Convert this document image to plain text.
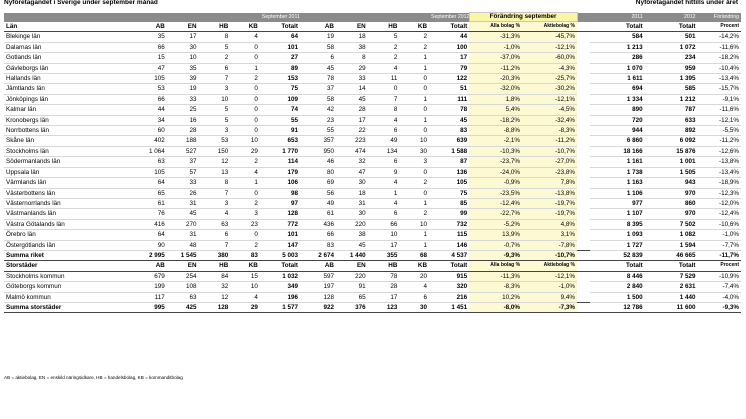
Nyföretagandet i Sverige under september månad	Nyföretagandet hittills under året
					September 2011					September 2012	Förändring september			2011	2012	Förändring
Län	AB	EN	HB	KB	Totalt	AB	EN	HB	KB	Totalt	Alla bolag %	Aktiebolag %		Totalt	Totalt	Procent
Blekinge län	35	17	8	4	64	19	18	5	2	44	-31,3%	-45,7%		584	501	-14,2%
Dalarnas län	66	30	5	0	101	58	38	2	2	100	-1,0%	-12,1%		1 213	1 072	-11,6%
Gotlands län	15	10	2	0	27	6	8	2	1	17	-37,0%	-60,0%		286	234	-18,2%
Gävleborgs län	47	35	6	1	89	45	29	4	1	79	-11,2%	-4,3%		1 070	959	-10,4%
Hallands län	105	39	7	2	153	78	33	11	0	122	-20,3%	-25,7%		1 611	1 395	-13,4%
Jämtlands län	53	19	3	0	75	37	14	0	0	51	-32,0%	-30,2%		694	585	-15,7%
Jönköpings län	66	33	10	0	109	58	45	7	1	111	1,8%	-12,1%		1 334	1 212	-9,1%
Kalmar län	44	25	5	0	74	42	28	8	0	78	5,4%	-4,5%		890	787	-11,6%
Kronobergs län	34	16	5	0	55	23	17	4	1	45	-18,2%	-32,4%		720	633	-12,1%
Norrbottens län	60	28	3	0	91	55	22	6	0	83	-8,8%	-8,3%		944	892	-5,5%
Skåne län	402	188	53	10	653	357	223	49	10	639	-2,1%	-11,2%		6 860	6 092	-11,2%
Stockholms län	1 064	527	150	29	1 770	950	474	134	30	1 588	-10,3%	-10,7%		18 166	15 876	-12,6%
Södermanlands län	63	37	12	2	114	46	32	6	3	87	-23,7%	-27,0%		1 161	1 001	-13,8%
Uppsala län	105	57	13	4	179	80	47	9	0	136	-24,0%	-23,8%		1 738	1 505	-13,4%
Värmlands län	64	33	8	1	106	69	30	4	2	105	-0,9%	7,8%		1 163	943	-18,9%
Västerbottens län	65	26	7	0	98	56	18	1	0	75	-23,5%	-13,8%		1 106	970	-12,3%
Västernorrlands län	61	31	3	2	97	49	31	4	1	85	-12,4%	-19,7%		977	860	-12,0%
Västmanlands län	76	45	4	3	128	61	30	6	2	99	-22,7%	-19,7%		1 107	970	-12,4%
Västra Götalands län	416	270	63	23	772	436	220	66	10	732	-5,2%	4,8%		8 395	7 502	-10,6%
Örebro län	64	31	6	0	101	66	38	10	1	115	13,9%	3,1%		1 093	1 082	-1,0%
Östergötlands län	90	48	7	2	147	83	45	17	1	146	-0,7%	-7,8%		1 727	1 594	-7,7%
Summa riket	2 995	1 545	380	83	5 003	2 674	1 440	355	68	4 537	-9,3%	-10,7%		52 839	46 665	-11,7%
Storstäder	AB	EN	HB	KB	Totalt	AB	EN	HB	KB	Totalt	Alla bolag %	Aktiebolag %		Totalt	Totalt	Procent
Stockholms kommun	679	254	84	15	1 032	597	220	78	20	915	-11,3%	-12,1%		8 446	7 529	-10,9%
Göteborgs kommun	199	108	32	10	349	197	91	28	4	320	-8,3%	-1,0%		2 840	2 631	-7,4%
Malmö kommun	117	63	12	4	196	128	65	17	6	216	10,2%	9,4%		1 500	1 440	-4,0%
Summa storstäder	995	425	128	29	1 577	922	376	123	30	1 451	-8,0%	-7,3%		12 786	11 600	-9,3%
AB = aktiebolag, EN = enskild näringsidkare, HB = handelsbolag, KB = kommanditbolag
